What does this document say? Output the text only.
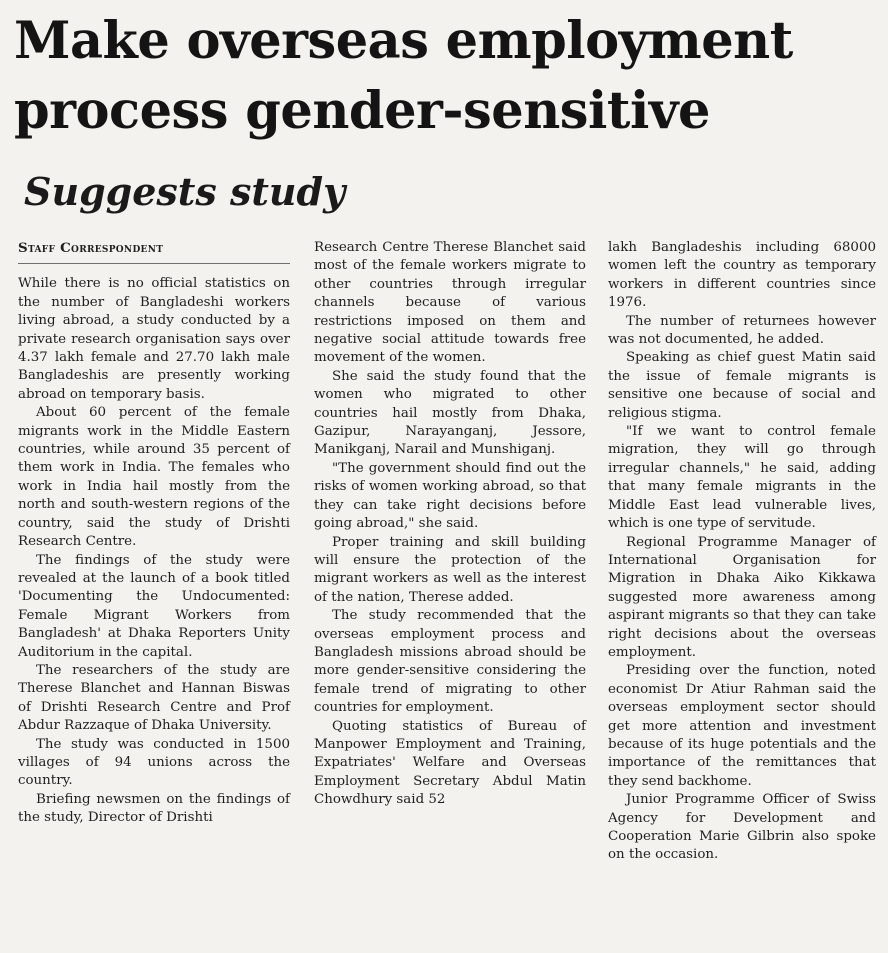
Make overseas employment
process gender-sensitive
Suggests study
Staff Correspondent

While there is no official statistics on the number of Bangladeshi workers living abroad, a study conducted by a private research organisation says over 4.37 lakh female and 27.70 lakh male Bangladeshis are presently working abroad on temporary basis.

About 60 percent of the female migrants work in the Middle Eastern countries, while around 35 percent of them work in India. The females who work in India hail mostly from the north and south-western regions of the country, said the study of Drishti Research Centre.

The findings of the study were revealed at the launch of a book titled 'Documenting the Undocumented: Female Migrant Workers from Bangladesh' at Dhaka Reporters Unity Auditorium in the capital.

The researchers of the study are Therese Blanchet and Hannan Biswas of Drishti Research Centre and Prof Abdur Razzaque of Dhaka University.

The study was conducted in 1500 villages of 94 unions across the country.

Briefing newsmen on the findings of the study, Director of Drishti

Research Centre Therese Blanchet said most of the female workers migrate to other countries through irregular channels because of various restrictions imposed on them and negative social attitude towards free movement of the women.

She said the study found that the women who migrated to other countries hail mostly from Dhaka, Gazipur, Narayanganj, Jessore, Manikganj, Narail and Munshiganj.

"The government should find out the risks of women working abroad, so that they can take right decisions before going abroad," she said.

Proper training and skill building will ensure the protection of the migrant workers as well as the interest of the nation, Therese added.

The study recommended that the overseas employment process and Bangladesh missions abroad should be more gender-sensitive considering the female trend of migrating to other countries for employment.

Quoting statistics of Bureau of Manpower Employment and Training, Expatriates' Welfare and Overseas Employment Secretary Abdul Matin Chowdhury said 52

lakh Bangladeshis including 68000 women left the country as temporary workers in different countries since 1976.

The number of returnees however was not documented, he added.

Speaking as chief guest Matin said the issue of female migrants is sensitive one because of social and religious stigma.

"If we want to control female migration, they will go through irregular channels," he said, adding that many female migrants in the Middle East lead vulnerable lives, which is one type of servitude.

Regional Programme Manager of International Organisation for Migration in Dhaka Aiko Kikkawa suggested more awareness among aspirant migrants so that they can take right decisions about the overseas employment.

Presiding over the function, noted economist Dr Atiur Rahman said the overseas employment sector should get more attention and investment because of its huge potentials and the importance of the remittances that they send backhome.

Junior Programme Officer of Swiss Agency for Development and Cooperation Marie Gilbrin also spoke on the occasion.
